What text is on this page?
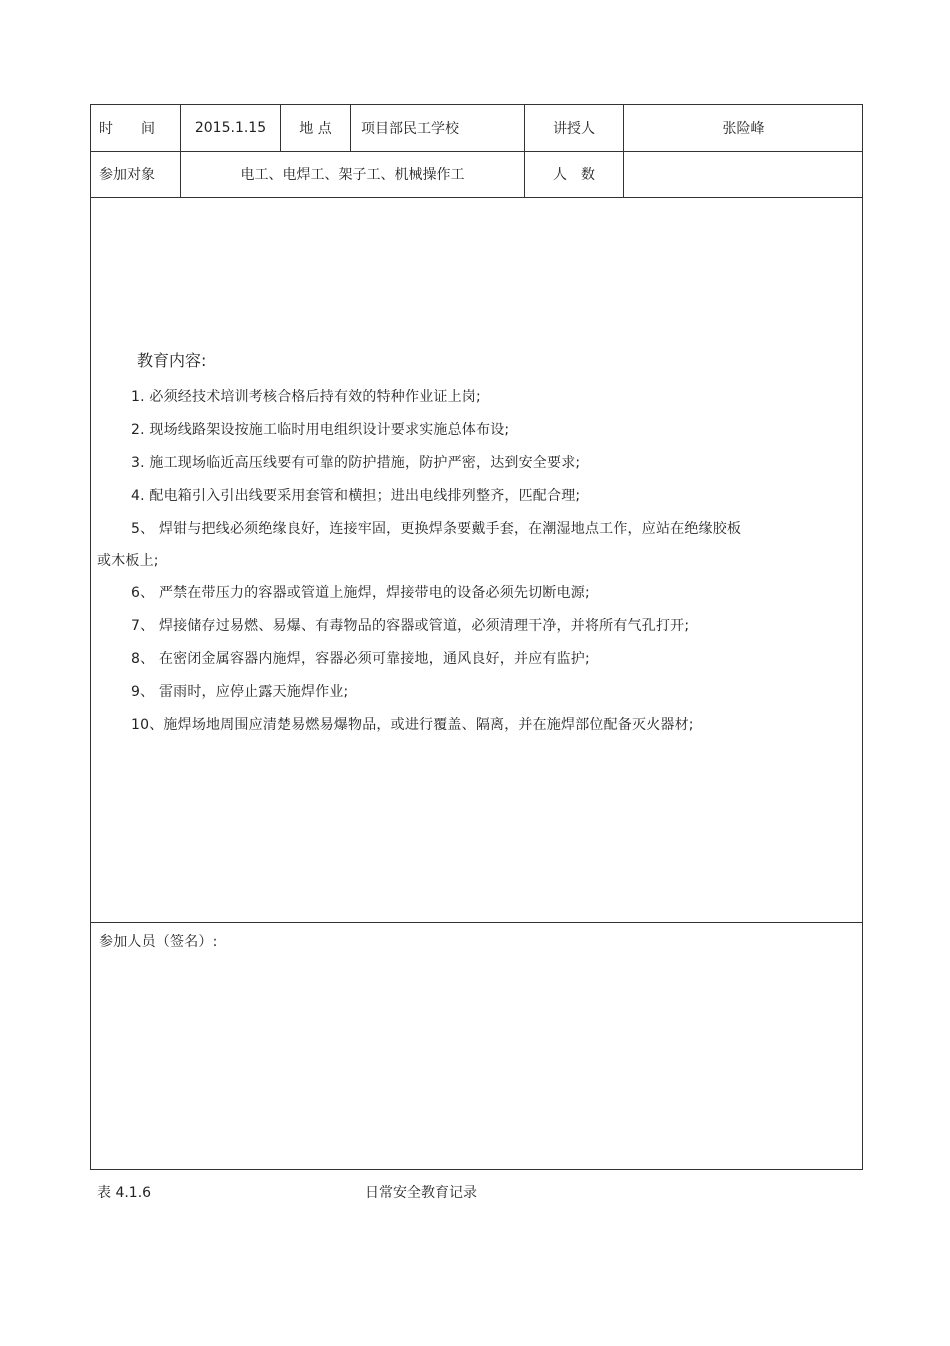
时　　间	2015.1.15	地 点	项目部民工学校	讲授人	张险峰
参加对象	电工、电焊工、架子工、机械操作工	人　数
教育内容:
1. 必须经技术培训考核合格后持有效的特种作业证上岗;
2. 现场线路架设按施工临时用电组织设计要求实施总体布设;
3. 施工现场临近高压线要有可靠的防护措施，防护严密，达到安全要求;
4. 配电箱引入引出线要采用套管和横担；进出电线排列整齐，匹配合理;
5、 焊钳与把线必须绝缘良好，连接牢固，更换焊条要戴手套，在潮湿地点工作，应站在绝缘胶板
或木板上;
6、 严禁在带压力的容器或管道上施焊，焊接带电的设备必须先切断电源;
7、 焊接储存过易燃、易爆、有毒物品的容器或管道，必须清理干净，并将所有气孔打开;
8、 在密闭金属容器内施焊，容器必须可靠接地，通风良好，并应有监护;
9、 雷雨时，应停止露天施焊作业;
10、施焊场地周围应清楚易燃易爆物品，或进行覆盖、隔离，并在施焊部位配备灭火器材;
参加人员（签名）:
表 4.1.6	日常安全教育记录
